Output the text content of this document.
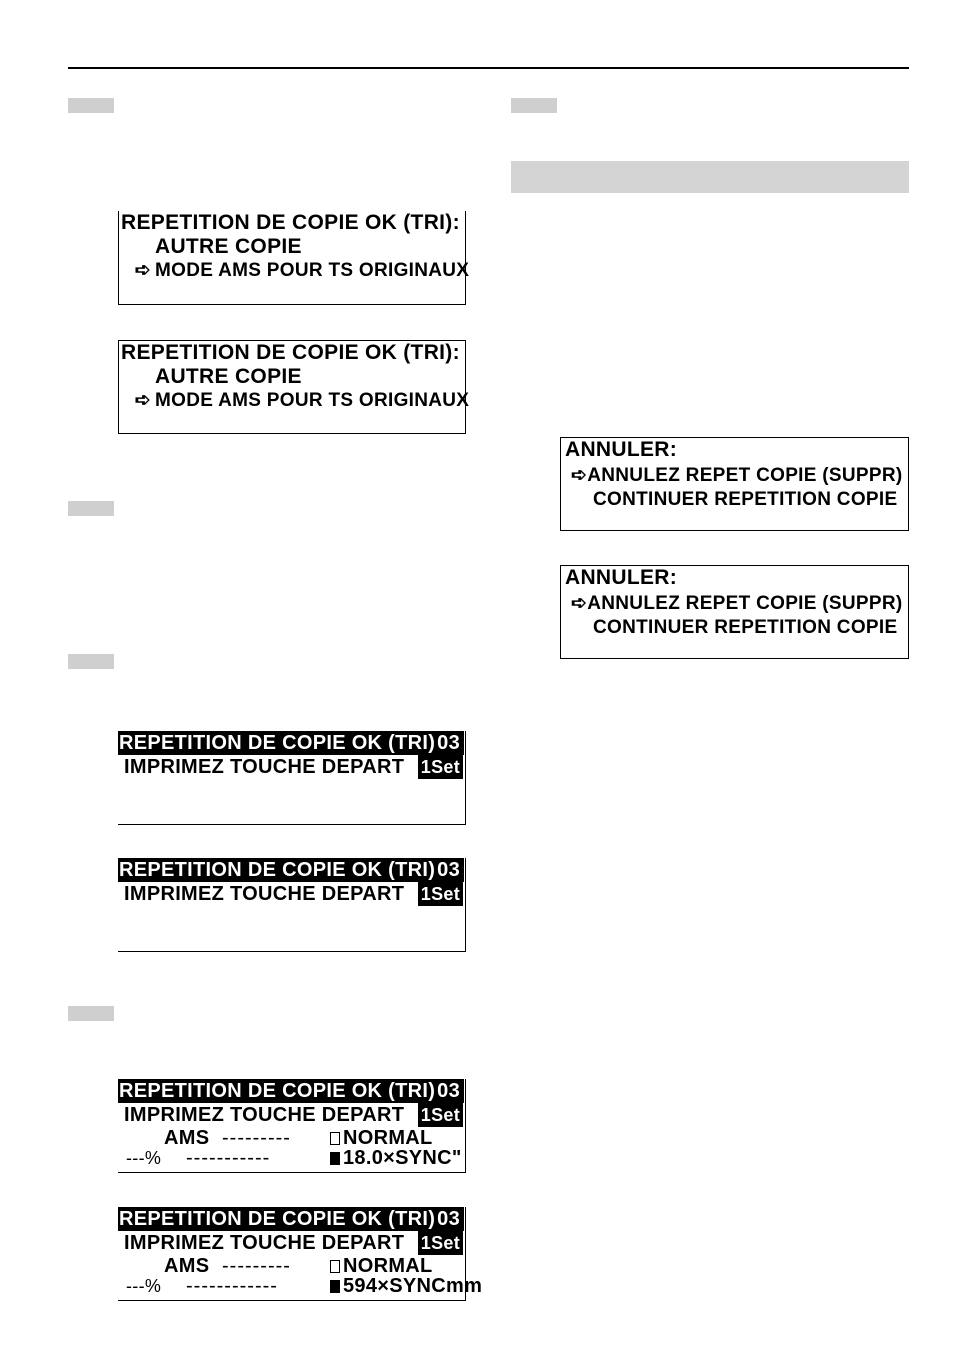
REPETITION DE COPIE OK (TRI):
AUTRE COPIE
➪ MODE AMS POUR TS ORIGINAUX
REPETITION DE COPIE OK (TRI):
AUTRE COPIE
➪ MODE AMS POUR TS ORIGINAUX
REPETITION DE COPIE OK (TRI) 03
IMPRIMEZ TOUCHE DEPART 1Set
REPETITION DE COPIE OK (TRI) 03
IMPRIMEZ TOUCHE DEPART 1Set
REPETITION DE COPIE OK (TRI) 03
IMPRIMEZ TOUCHE DEPART 1Set
AMS ---------	NORMAL
---% -----------	18.0×SYNC"
REPETITION DE COPIE OK (TRI) 03
IMPRIMEZ TOUCHE DEPART 1Set
AMS ---------	NORMAL
---% ------------	594×SYNCmm
ANNULER:
➪ANNULEZ REPET COPIE (SUPPR)
CONTINUER REPETITION COPIE
ANNULER:
➪ANNULEZ REPET COPIE (SUPPR)
CONTINUER REPETITION COPIE
